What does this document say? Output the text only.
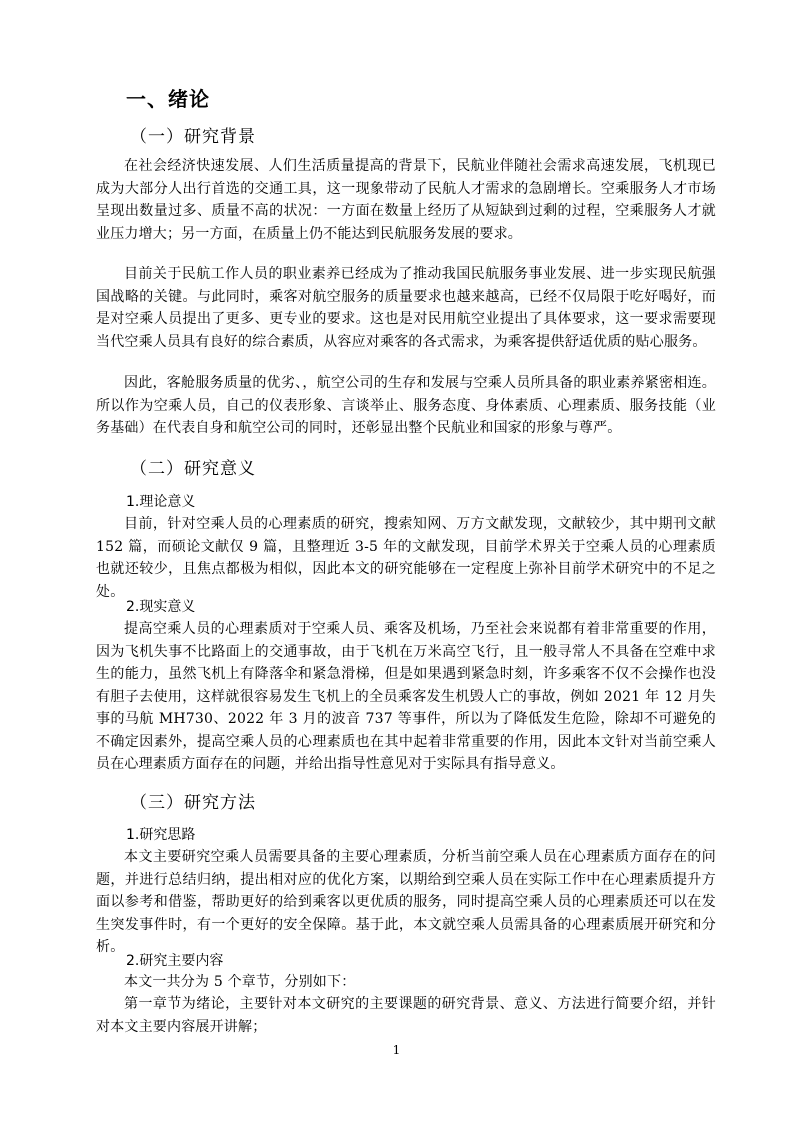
一、绪论
（一）研究背景

在社会经济快速发展、人们生活质量提高的背景下，民航业伴随社会需求高速发展，飞机现已成为大部分人出行首选的交通工具，这一现象带动了民航人才需求的急剧增长。空乘服务人才市场呈现出数量过多、质量不高的状况：一方面在数量上经历了从短缺到过剩的过程，空乘服务人才就业压力增大；另一方面，在质量上仍不能达到民航服务发展的要求。

目前关于民航工作人员的职业素养已经成为了推动我国民航服务事业发展、进一步实现民航强国战略的关键。与此同时，乘客对航空服务的质量要求也越来越高，已经不仅局限于吃好喝好，而是对空乘人员提出了更多、更专业的要求。这也是对民用航空业提出了具体要求，这一要求需要现当代空乘人员具有良好的综合素质，从容应对乘客的各式需求，为乘客提供舒适优质的贴心服务。

因此，客舱服务质量的优劣、，航空公司的生存和发展与空乘人员所具备的职业素养紧密相连。所以作为空乘人员，自己的仪表形象、言谈举止、服务态度、身体素质、心理素质、服务技能（业务基础）在代表自身和航空公司的同时，还彰显出整个民航业和国家的形象与尊严。

（二）研究意义
1.理论意义

目前，针对空乘人员的心理素质的研究，搜索知网、万方文献发现，文献较少，其中期刊文献 152 篇，而硕论文献仅 9 篇，且整理近 3-5 年的文献发现，目前学术界关于空乘人员的心理素质也就还较少，且焦点都极为相似，因此本文的研究能够在一定程度上弥补目前学术研究中的不足之处。

2.现实意义

提高空乘人员的心理素质对于空乘人员、乘客及机场，乃至社会来说都有着非常重要的作用，因为飞机失事不比路面上的交通事故，由于飞机在万米高空飞行，且一般寻常人不具备在空难中求生的能力，虽然飞机上有降落伞和紧急滑梯，但是如果遇到紧急时刻，许多乘客不仅不会操作也没有胆子去使用，这样就很容易发生飞机上的全员乘客发生机毁人亡的事故，例如 2021 年 12 月失事的马航 MH730、2022 年 3 月的波音 737 等事件，所以为了降低发生危险，除却不可避免的不确定因素外，提高空乘人员的心理素质也在其中起着非常重要的作用，因此本文针对当前空乘人员在心理素质方面存在的问题，并给出指导性意见对于实际具有指导意义。

（三）研究方法
1.研究思路

本文主要研究空乘人员需要具备的主要心理素质，分析当前空乘人员在心理素质方面存在的问题，并进行总结归纳，提出相对应的优化方案，以期给到空乘人员在实际工作中在心理素质提升方面以参考和借鉴，帮助更好的给到乘客以更优质的服务，同时提高空乘人员的心理素质还可以在发生突发事件时，有一个更好的安全保障。基于此，本文就空乘人员需具备的心理素质展开研究和分析。

2.研究主要内容

本文一共分为 5 个章节，分别如下：

第一章节为绪论，主要针对本文研究的主要课题的研究背景、意义、方法进行简要介绍，并针对本文主要内容展开讲解；

1
